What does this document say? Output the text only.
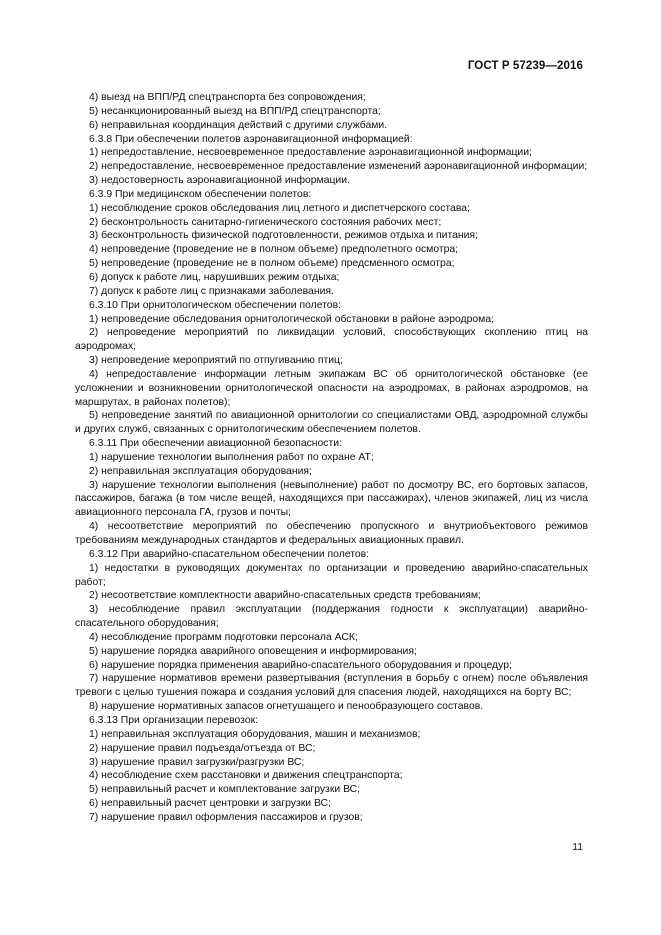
ГОСТ Р 57239—2016

4) выезд на ВПП/РД спецтранспорта без сопровождения;

5) несанкционированный выезд на ВПП/РД спецтранспорта;

6) неправильная координация действий с другими службами.

6.3.8 При обеспечении полетов аэронавигационной информацией:

1) непредоставление, несвоевременное предоставление аэронавигационной информации;

2) непредоставление, несвоевременное предоставление изменений аэронавигационной информации;

3) недостоверность аэронавигационной информации.

6.3.9 При медицинском обеспечении полетов:

1) несоблюдение сроков обследования лиц летного и диспетчерского состава;

2) бесконтрольность санитарно-гигиенического состояния рабочих мест;

3) бесконтрольность физической подготовленности, режимов отдыха и питания;

4) непроведение (проведение не в полном объеме) предполетного осмотра;

5) непроведение (проведение не в полном объеме) предсменного осмотра;

6) допуск к работе лиц, нарушивших режим отдыха;

7) допуск к работе лиц с признаками заболевания.

6.3.10 При орнитологическом обеспечении полетов:

1) непроведение обследования орнитологической обстановки в районе аэродрома;

2) непроведение мероприятий по ликвидации условий, способствующих скоплению птиц на аэродромах;

3) непроведение мероприятий по отпугиванию птиц;

4) непредоставление информации летным экипажам ВС об орнитологической обстановке (ее усложнении и возникновении орнитологической опасности на аэродромах, в районах аэродромов, на маршрутах, в районах полетов);

5) непроведение занятий по авиационной орнитологии со специалистами ОВД, аэродромной службы и других служб, связанных с орнитологическим обеспечением полетов.

6.3.11 При обеспечении авиационной безопасности:

1) нарушение технологии выполнения работ по охране АТ;

2) неправильная эксплуатация оборудования;

3) нарушение технологии выполнения (невыполнение) работ по досмотру ВС, его бортовых запасов, пассажиров, багажа (в том числе вещей, находящихся при пассажирах), членов экипажей, лиц из числа авиационного персонала ГА, грузов и почты;

4) несоответствие мероприятий по обеспечению пропускного и внутриобъектового режимов требованиям международных стандартов и федеральных авиационных правил.

6.3.12 При аварийно-спасательном обеспечении полетов:

1) недостатки в руководящих документах по организации и проведению аварийно-спасательных работ;

2) несоответствие комплектности аварийно-спасательных средств требованиям;

3) несоблюдение правил эксплуатации (поддержания годности к эксплуатации) аварийно-спасательного оборудования;

4) несоблюдение программ подготовки персонала АСК;

5) нарушение порядка аварийного оповещения и информирования;

6) нарушение порядка применения аварийно-спасательного оборудования и процедур;

7) нарушение нормативов времени развертывания (вступления в борьбу с огнем) после объявления тревоги с целью тушения пожара и создания условий для спасения людей, находящихся на борту ВС;

8) нарушение нормативных запасов огнетушащего и пенообразующего составов.

6.3.13 При организации перевозок:

1) неправильная эксплуатация оборудования, машин и механизмов;

2) нарушение правил подъезда/отъезда от ВС;

3) нарушение правил загрузки/разгрузки ВС;

4) несоблюдение схем расстановки и движения спецтранспорта;

5) неправильный расчет и комплектование загрузки ВС;

6) неправильный расчет центровки и загрузки ВС;

7) нарушение правил оформления пассажиров и грузов;

11
